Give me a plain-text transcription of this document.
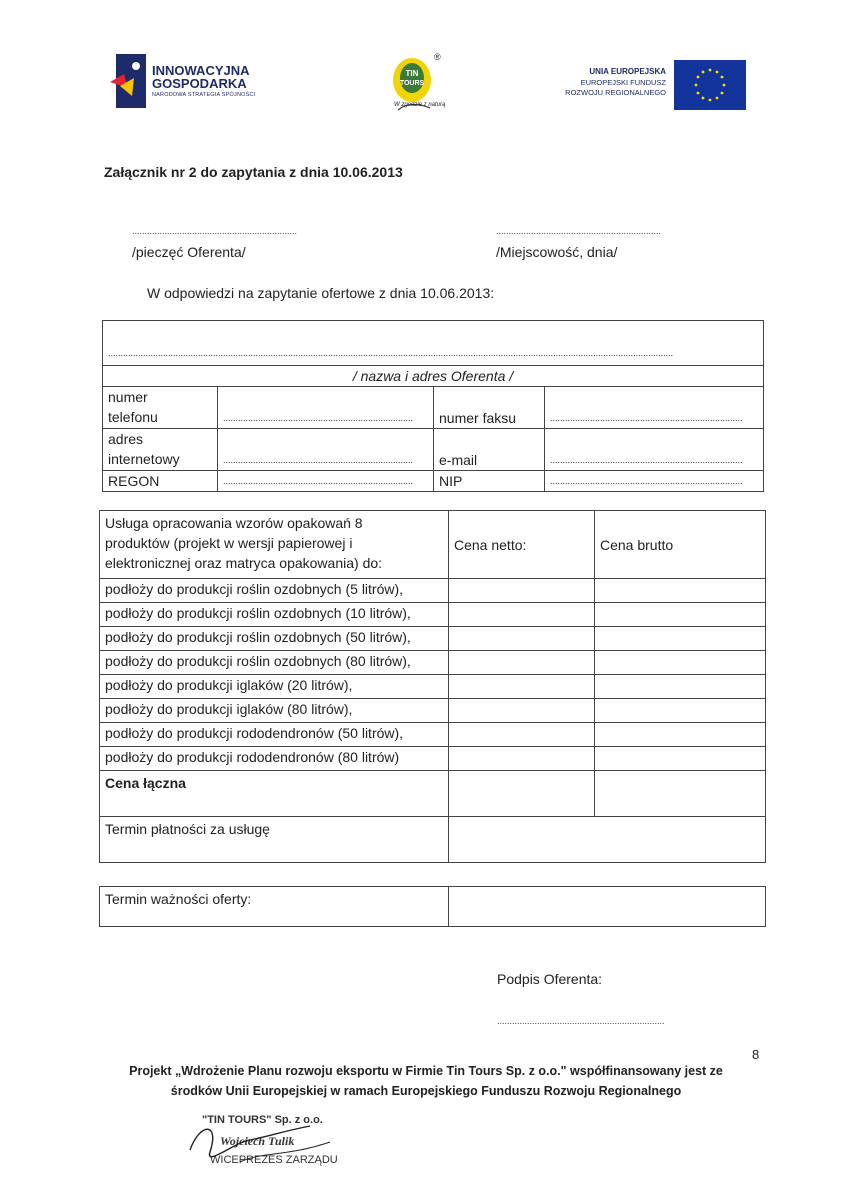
INNOWACYJNA
GOSPODARKA
NARODOWA STRATEGIA SPÓJNOŚCI
TIN
TOURS
®
W zgodzie z naturą
UNIA EUROPEJSKA
EUROPEJSKI FUNDUSZ
ROZWOJU REGIONALNEGO
Załącznik nr 2 do zapytania z dnia 10.06.2013
..................................................................
/pieczęć Oferenta/
..................................................................
/Miejscowość, dnia/
W odpowiedzi na zapytanie ofertowe z dnia 10.06.2013:
..................................................................................................................................................................................................................................			

/ nazwa i adres Oferenta /			

numer
telefonu	............................................................................	numer faksu	.............................................................................

adres
internetowy	............................................................................	e-mail	.............................................................................

REGON	............................................................................	NIP	.............................................................................
Usługa opracowania wzorów opakowań 8
produktów (projekt w wersji papierowej i
elektronicznej oraz matryca opakowania) do:	Cena netto:	Cena brutto
podłoży do produkcji roślin ozdobnych (5 litrów),		
podłoży do produkcji roślin ozdobnych (10 litrów),		
podłoży do produkcji roślin ozdobnych (50 litrów),		
podłoży do produkcji roślin ozdobnych (80 litrów),		
podłoży do produkcji iglaków (20 litrów),		
podłoży do produkcji iglaków (80 litrów),		
podłoży do produkcji rododendronów (50 litrów),		
podłoży do produkcji rododendronów (80 litrów)		
Cena łączna		
Termin płatności za usługę		
Termin ważności oferty:	
Podpis Oferenta:
...................................................................
8
Projekt „Wdrożenie Planu rozwoju eksportu w Firmie Tin Tours Sp. z o.o." współfinansowany jest ze
środków Unii Europejskiej w ramach Europejskiego Funduszu Rozwoju Regionalnego
"TIN TOURS" Sp. z o.o.
Wojciech Tulik
WICEPREZES ZARZĄDU
